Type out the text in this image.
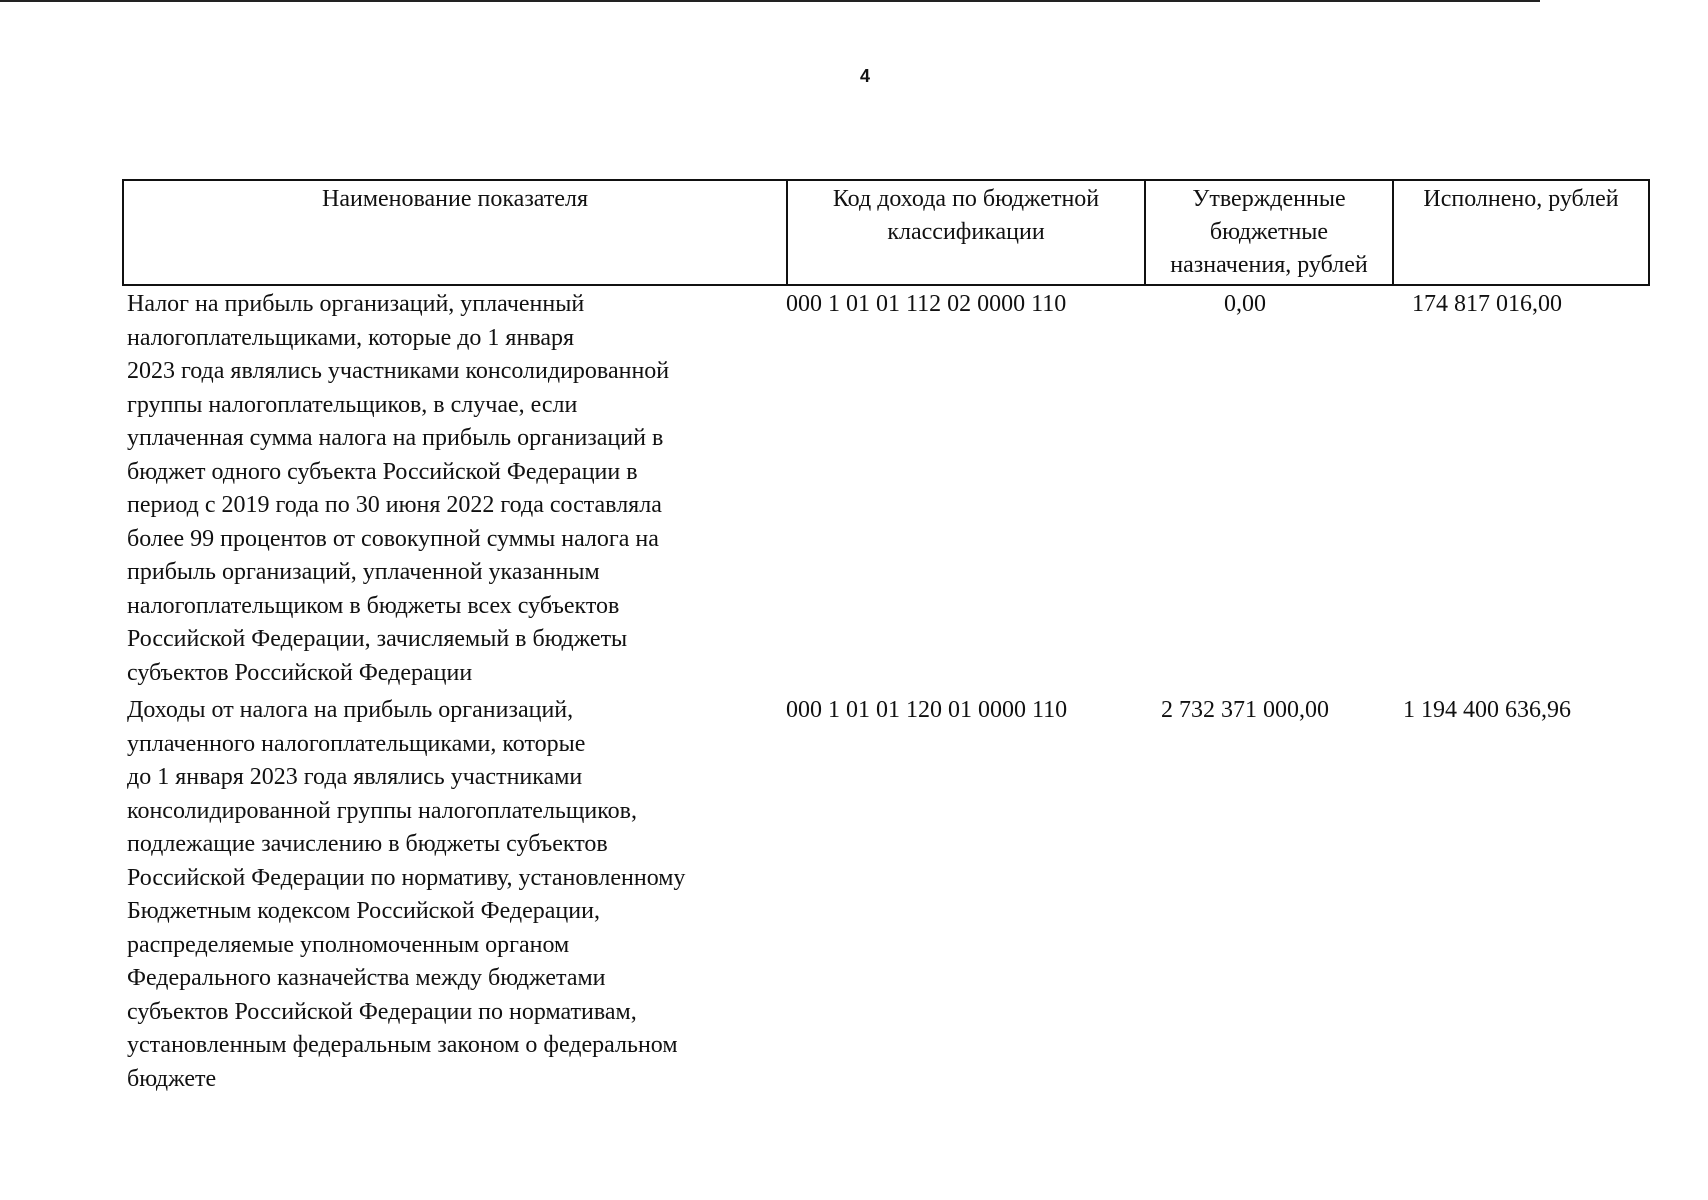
4
Наименование показателя	Код дохода по бюджетной классификации	Утвержденные бюджетные назначения, рублей	Исполнено, рублей
Налог на прибыль организаций, уплаченный
налогоплательщиками, которые до 1 января
2023 года являлись участниками консолидированной
группы налогоплательщиков, в случае, если
уплаченная сумма налога на прибыль организаций в
бюджет одного субъекта Российской Федерации в
период с 2019 года по 30 июня 2022 года составляла
более 99 процентов от совокупной суммы налога на
прибыль организаций, уплаченной указанным
налогоплательщиком в бюджеты всех субъектов
Российской Федерации, зачисляемый в бюджеты
субъектов Российской Федерации
000 1 01 01 112 02 0000 110	0,00	174 817 016,00
Доходы от налога на прибыль организаций,
уплаченного налогоплательщиками, которые
до 1 января 2023 года являлись участниками
консолидированной группы налогоплательщиков,
подлежащие зачислению в бюджеты субъектов
Российской Федерации по нормативу, установленному
Бюджетным кодексом Российской Федерации,
распределяемые уполномоченным органом
Федерального казначейства между бюджетами
субъектов Российской Федерации по нормативам,
установленным федеральным законом о федеральном
бюджете
000 1 01 01 120 01 0000 110	2 732 371 000,00	1 194 400 636,96
